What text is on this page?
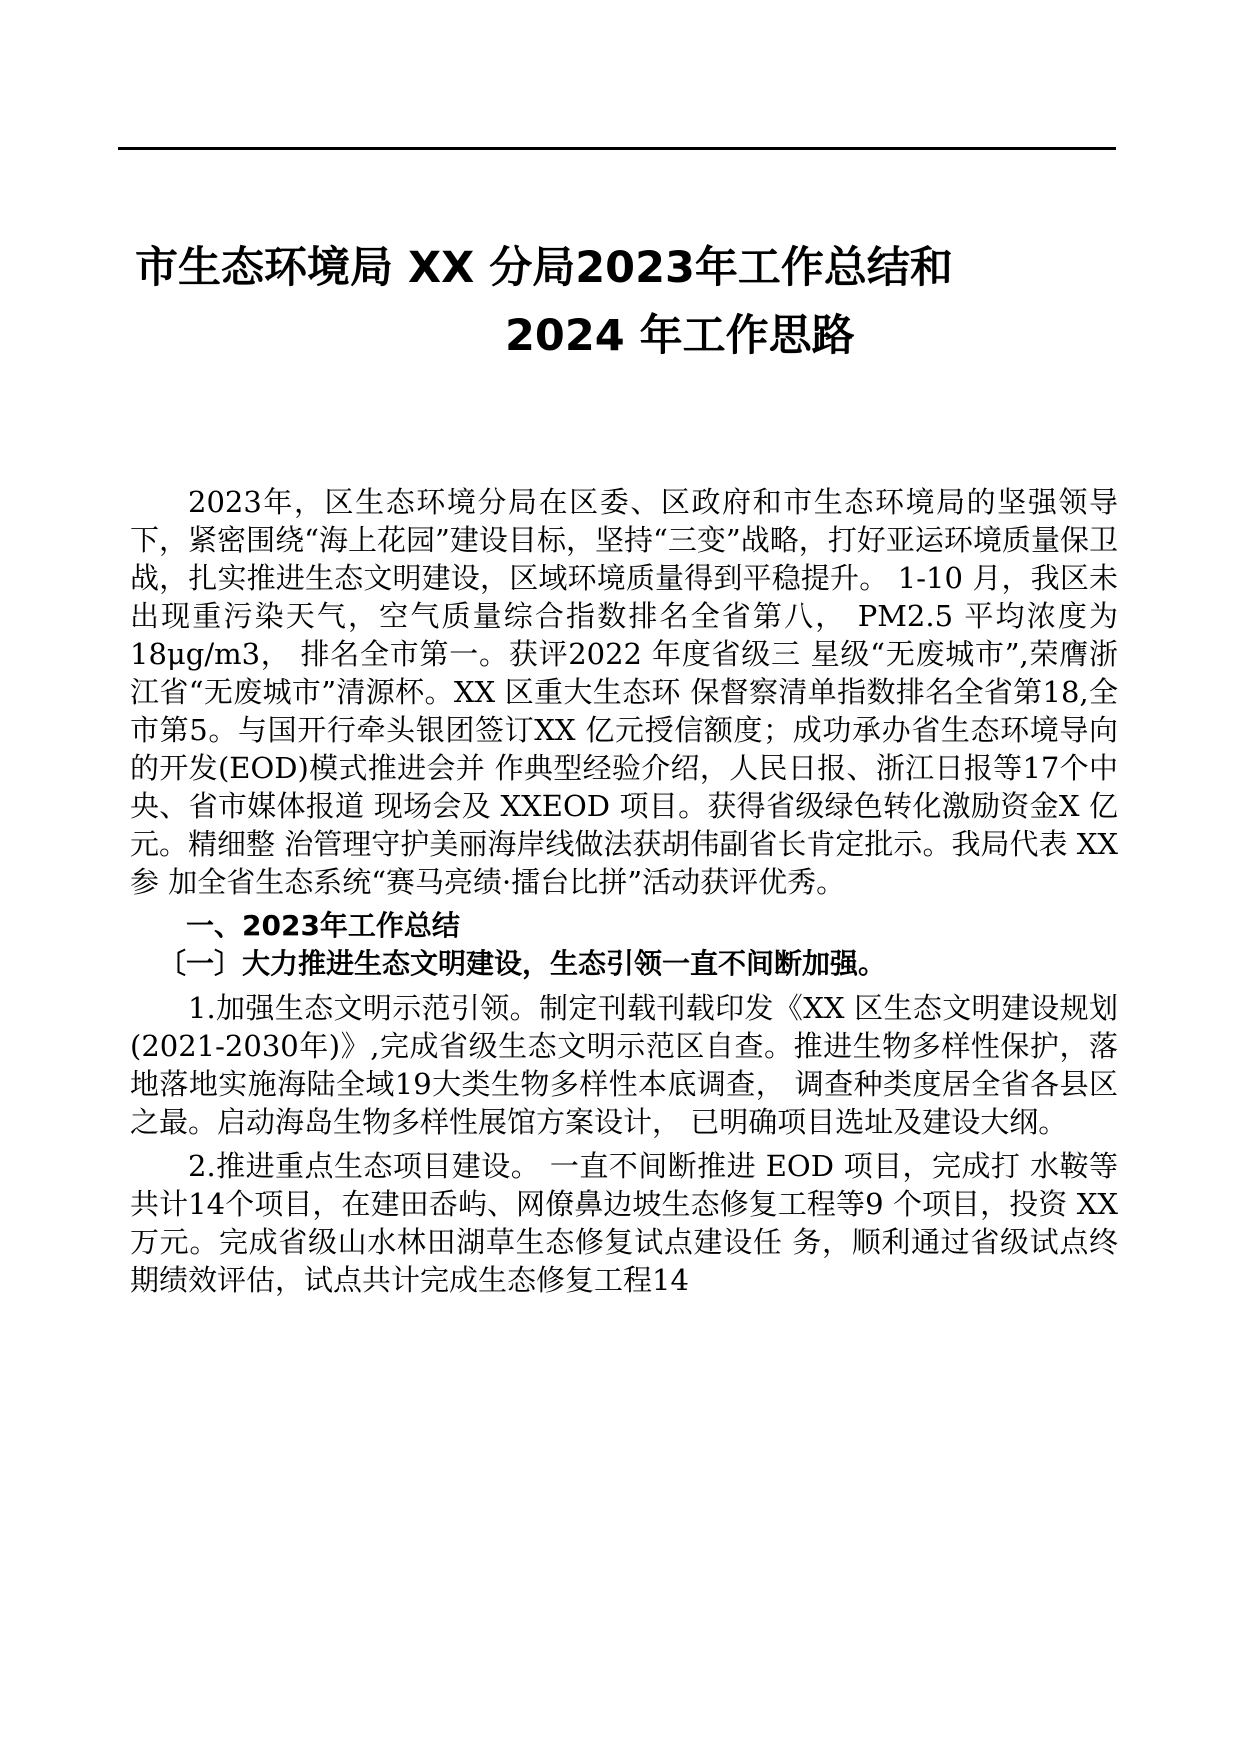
市生态环境局 XX 分局2023年工作总结和
2024 年工作思路

2023年，区生态环境分局在区委、区政府和市生态环境局的坚强领导下，紧密围绕“海上花园”建设目标，坚持“三变”战略，打好亚运环境质量保卫战，扎实推进生态文明建设，区域环境质量得到平稳提升。 1-10 月，我区未出现重污染天气，空气质量综合指数排名全省第八， PM2.5 平均浓度为18μg/m3， 排名全市第一。获评2022 年度省级三 星级“无废城市”,荣膺浙江省“无废城市”清源杯。XX 区重大生态环 保督察清单指数排名全省第18,全市第5。与国开行牵头银团签订XX 亿元授信额度；成功承办省生态环境导向的开发(EOD)模式推进会并 作典型经验介绍，人民日报、浙江日报等17个中央、省市媒体报道 现场会及 XXEOD 项目。获得省级绿色转化激励资金X 亿元。精细整 治管理守护美丽海岸线做法获胡伟副省长肯定批示。我局代表 XX 参 加全省生态系统“赛马亮绩·擂台比拼”活动获评优秀。

一、2023年工作总结

〔一〕大力推进生态文明建设，生态引领一直不间断加强。

1.加强生态文明示范引领。制定刊载刊载印发《XX 区生态文明建设规划(2021-2030年)》,完成省级生态文明示范区自查。推进生物多样性保护，落地落地实施海陆全域19大类生物多样性本底调查， 调查种类度居全省各县区之最。启动海岛生物多样性展馆方案设计， 已明确项目选址及建设大纲。

2.推进重点生态项目建设。 一直不间断推进 EOD 项目，完成打 水鞍等共计14个项目，在建田岙屿、网僚鼻边坡生态修复工程等9 个项目，投资 XX万元。完成省级山水林田湖草生态修复试点建设任 务，顺利通过省级试点终期绩效评估，试点共计完成生态修复工程14
